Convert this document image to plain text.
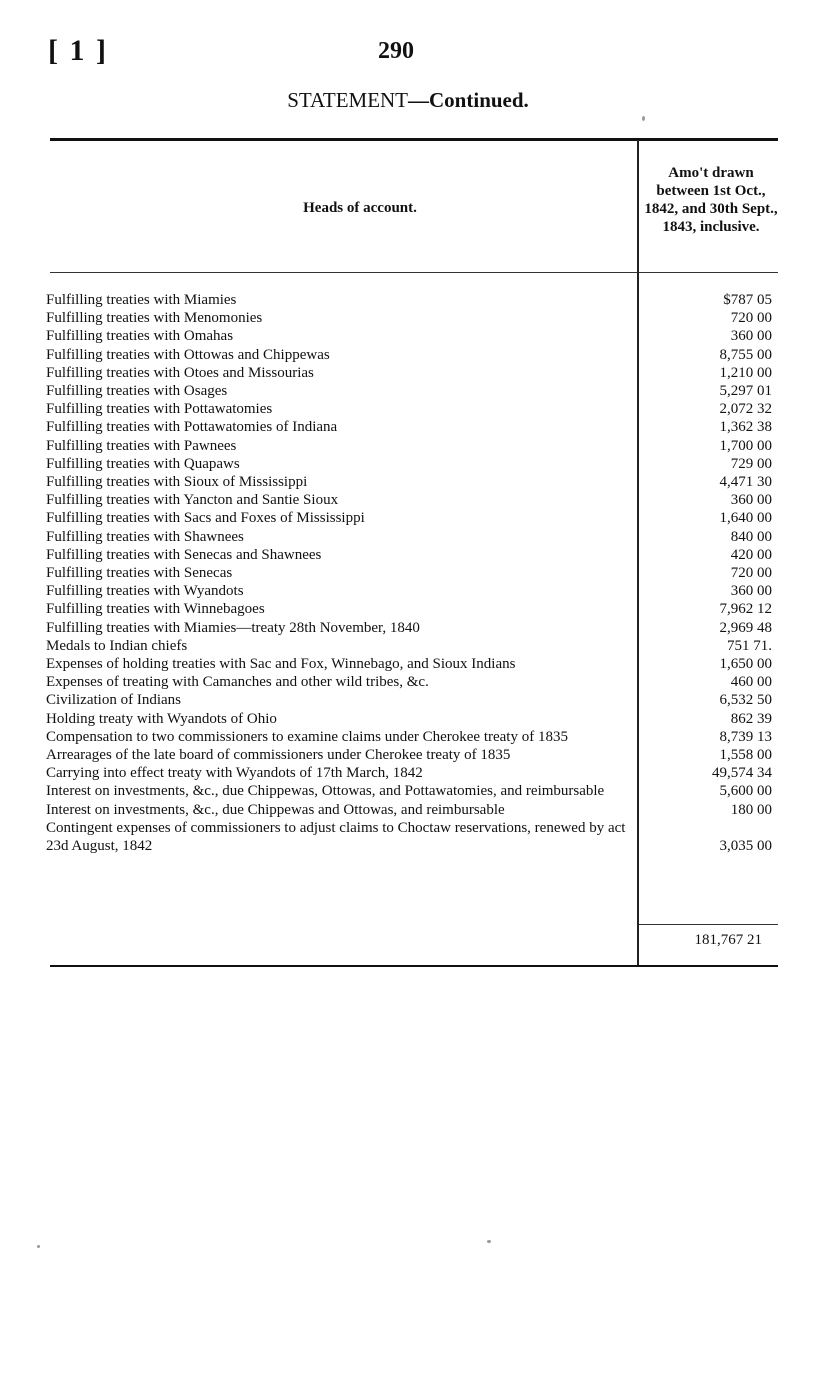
[ 1 ]	290
STATEMENT—Continued.
Heads of account.
Amo't drawn between 1st Oct., 1842, and 30th Sept., 1843, inclusive.
Fulfilling treaties with Miamies	$787 05
Fulfilling treaties with Menomonies	720 00
Fulfilling treaties with Omahas	360 00
Fulfilling treaties with Ottowas and Chippewas	8,755 00
Fulfilling treaties with Otoes and Missourias	1,210 00
Fulfilling treaties with Osages	5,297 01
Fulfilling treaties with Pottawatomies	2,072 32
Fulfilling treaties with Pottawatomies of Indiana	1,362 38
Fulfilling treaties with Pawnees	1,700 00
Fulfilling treaties with Quapaws	729 00
Fulfilling treaties with Sioux of Mississippi	4,471 30
Fulfilling treaties with Yancton and Santie Sioux	360 00
Fulfilling treaties with Sacs and Foxes of Mississippi	1,640 00
Fulfilling treaties with Shawnees	840 00
Fulfilling treaties with Senecas and Shawnees	420 00
Fulfilling treaties with Senecas	720 00
Fulfilling treaties with Wyandots	360 00
Fulfilling treaties with Winnebagoes	7,962 12
Fulfilling treaties with Miamies—treaty 28th November, 1840	2,969 48
Medals to Indian chiefs	751 71.
Expenses of holding treaties with Sac and Fox, Winnebago, and Sioux Indians	1,650 00
Expenses of treating with Camanches and other wild tribes, &c.	460 00
Civilization of Indians	6,532 50
Holding treaty with Wyandots of Ohio	862 39
Compensation to two commissioners to examine claims under Cherokee treaty of 1835	8,739 13
Arrearages of the late board of commissioners under Cherokee treaty of 1835	1,558 00
Carrying into effect treaty with Wyandots of 17th March, 1842	49,574 34
Interest on investments, &c., due Chippewas, Ottowas, and Pottawatomies, and reimbursable	5,600 00
Interest on investments, &c., due Chippewas and Ottowas, and reimbursable	180 00
Contingent expenses of commissioners to adjust claims to Choctaw reservations, renewed by act 23d August, 1842	3,035 00
181,767 21
